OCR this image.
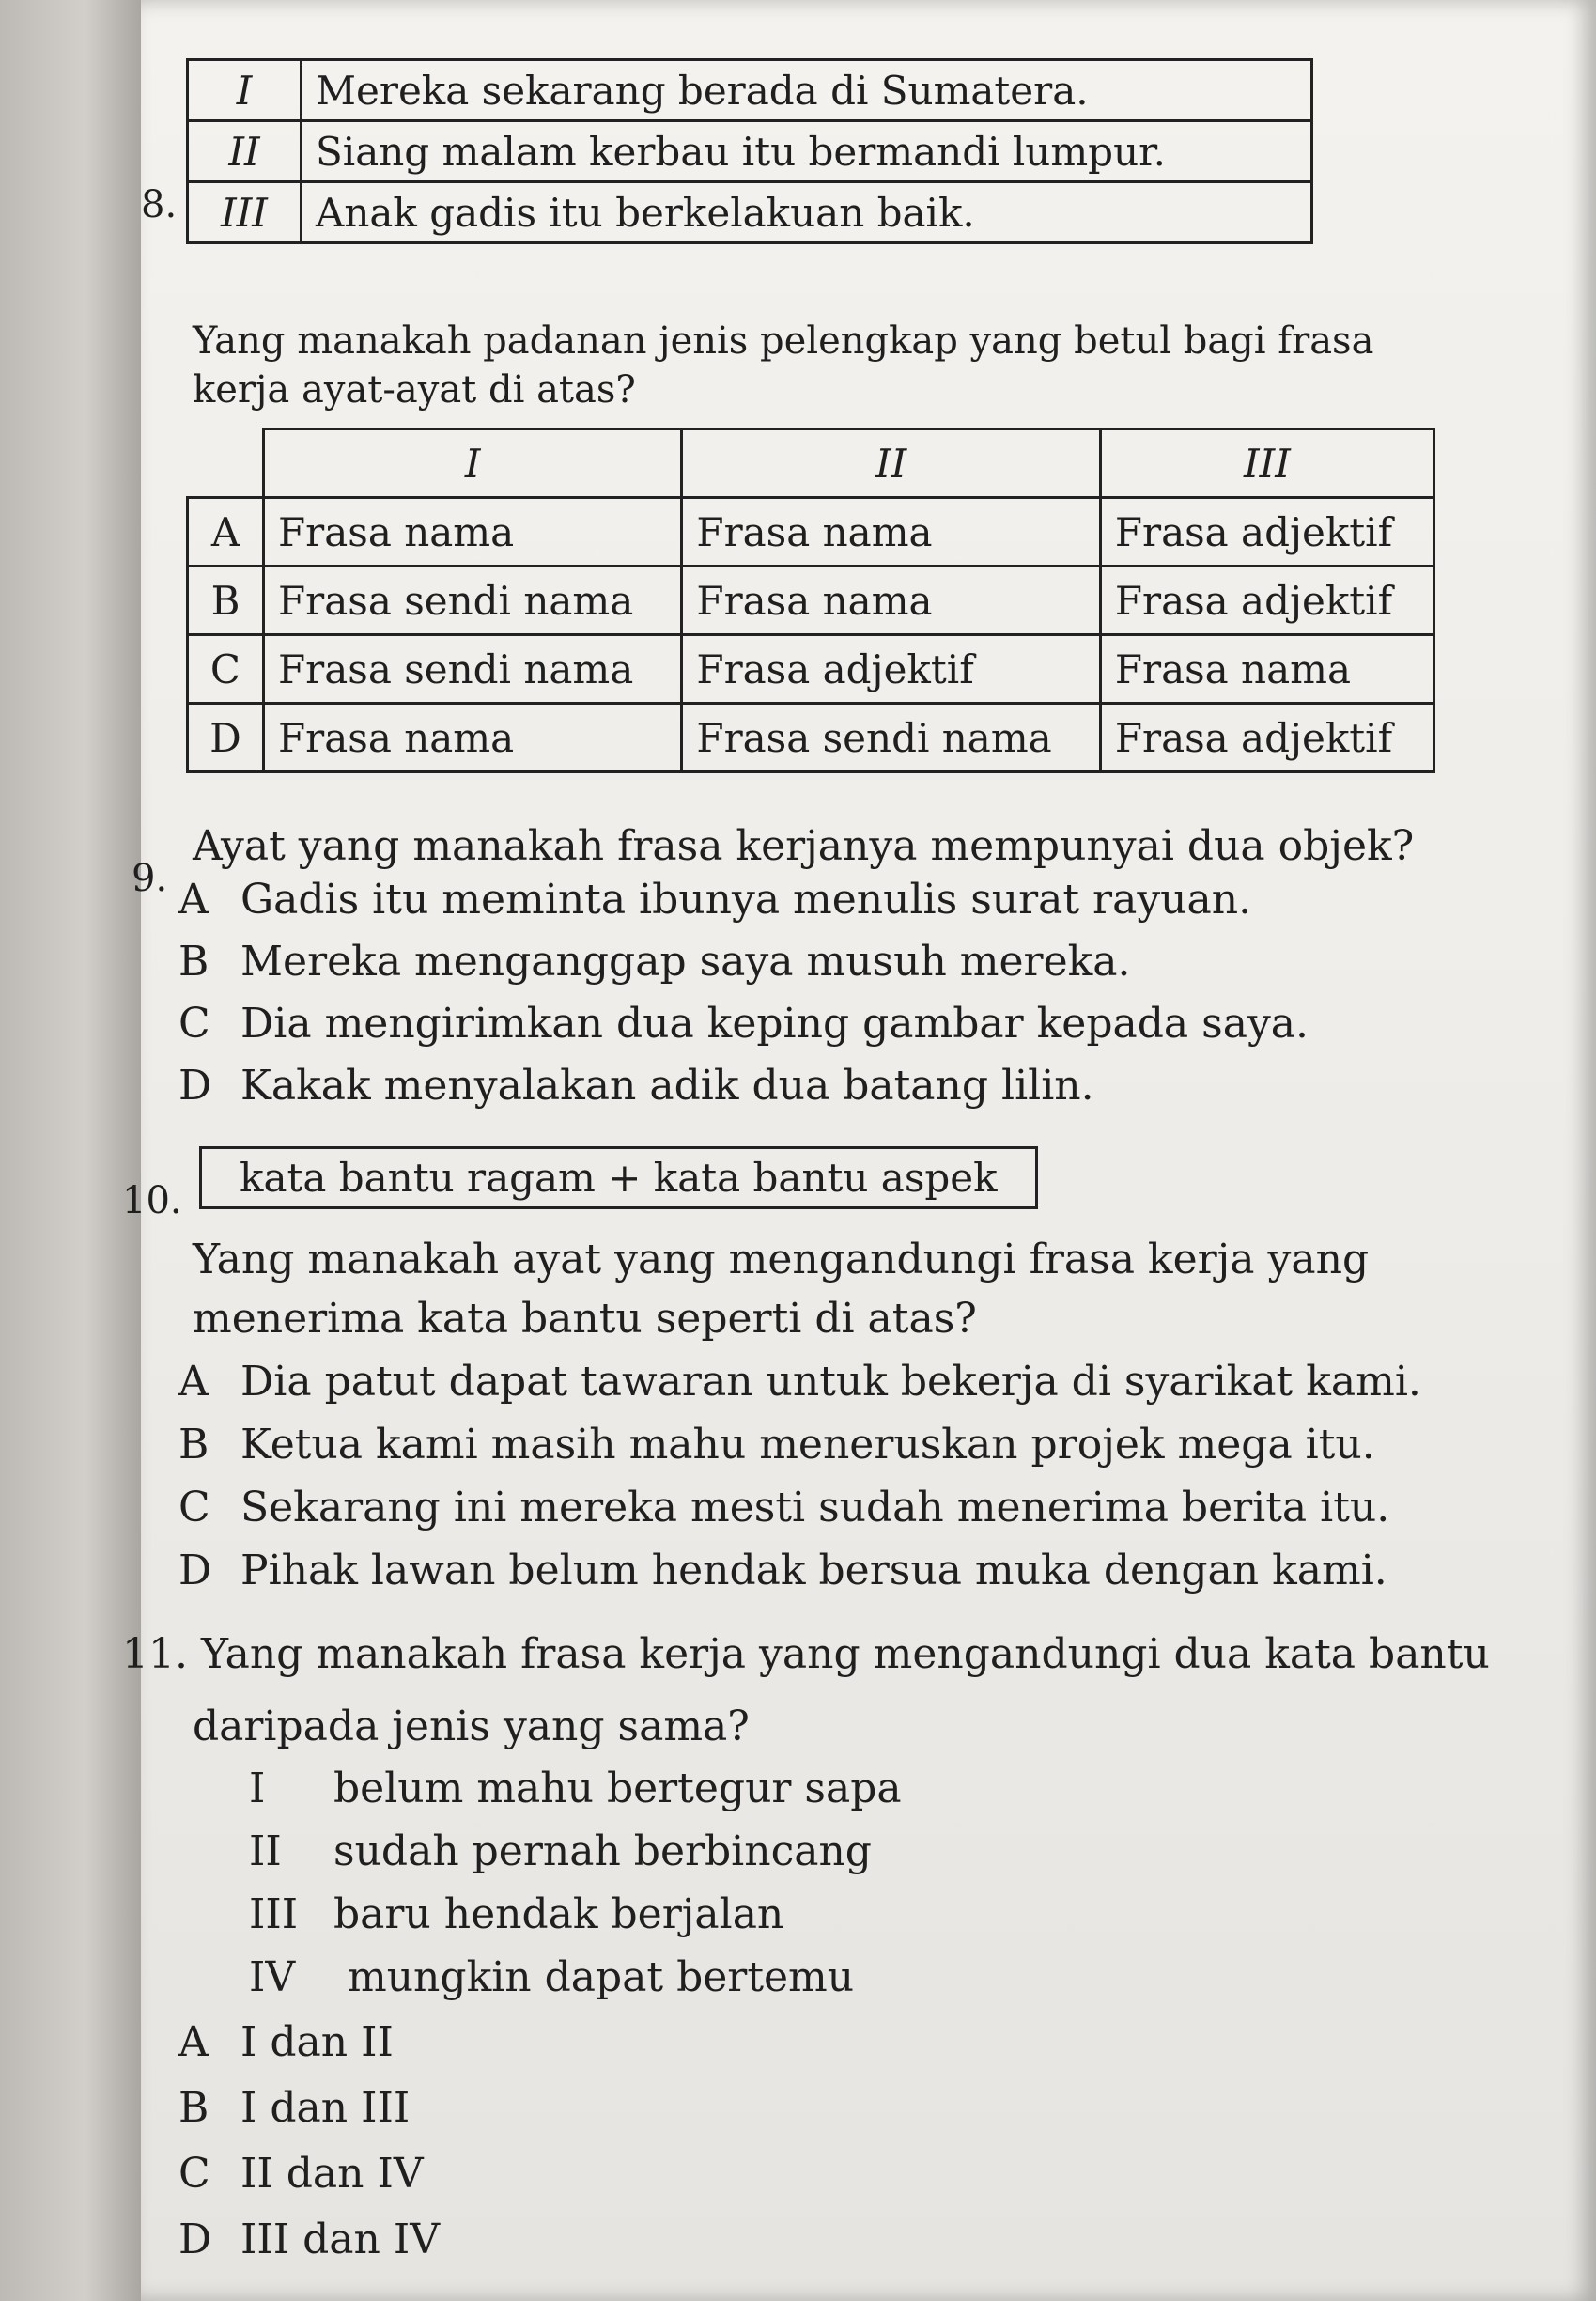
8.
I	Mereka sekarang berada di Sumatera.
II	Siang malam kerbau itu bermandi lumpur.
III	Anak gadis itu berkelakuan baik.
Yang manakah padanan jenis pelengkap yang betul bagi frasa
kerja ayat-ayat di atas?
	I	II	III
A	Frasa nama	Frasa nama	Frasa adjektif
B	Frasa sendi nama	Frasa nama	Frasa adjektif
C	Frasa sendi nama	Frasa adjektif	Frasa nama
D	Frasa nama	Frasa sendi nama	Frasa adjektif
9.
Ayat yang manakah frasa kerjanya mempunyai dua objek?
A Gadis itu meminta ibunya menulis surat rayuan.
B Mereka menganggap saya musuh mereka.
C Dia mengirimkan dua keping gambar kepada saya.
D Kakak menyalakan adik dua batang lilin.
10.	kata bantu ragam + kata bantu aspek
Yang manakah ayat yang mengandungi frasa kerja yang
menerima kata bantu seperti di atas?
A Dia patut dapat tawaran untuk bekerja di syarikat kami.
B Ketua kami masih mahu meneruskan projek mega itu.
C Sekarang ini mereka mesti sudah menerima berita itu.
D Pihak lawan belum hendak bersua muka dengan kami.
11. Yang manakah frasa kerja yang mengandungi dua kata bantu
daripada jenis yang sama?
I belum mahu bertegur sapa
II sudah pernah berbincang
III baru hendak berjalan
IV mungkin dapat bertemu
A I dan II
B I dan III
C II dan IV
D III dan IV
